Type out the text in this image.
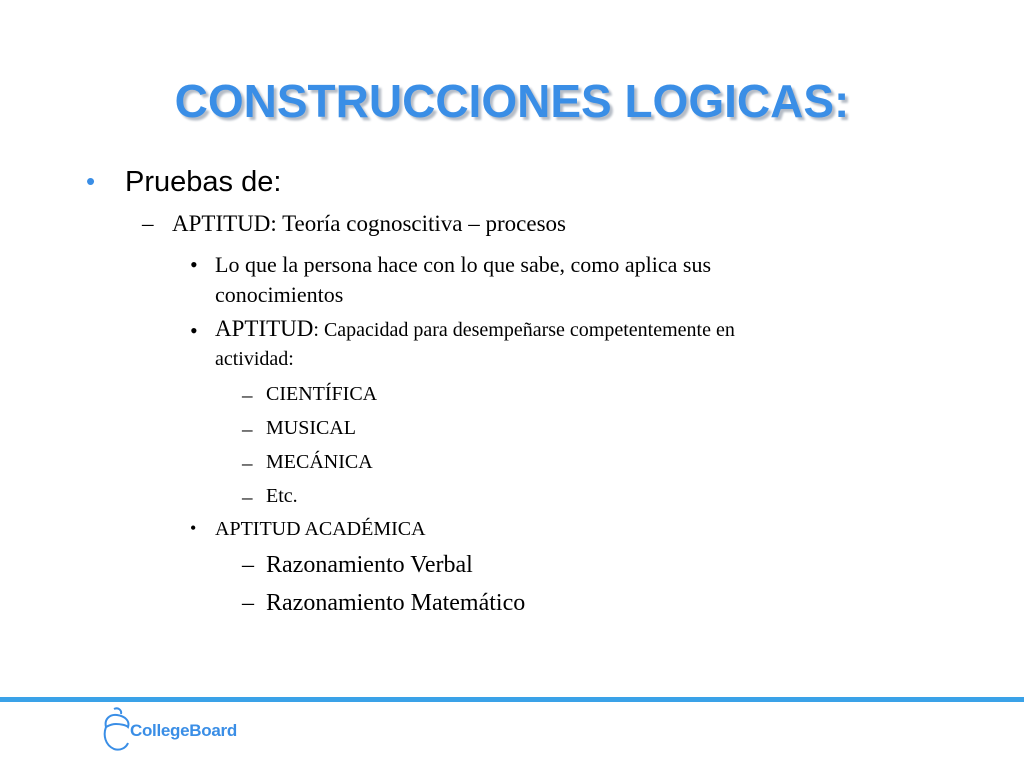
CONSTRUCCIONES LOGICAS:
• Pruebas de:
– APTITUD: Teoría cognoscitiva – procesos
• Lo que la persona hace con lo que sabe, como aplica sus
conocimientos
• APTITUD: Capacidad para desempeñarse competentemente en
actividad:
– CIENTÍFICA
– MUSICAL
– MECÁNICA
– Etc.
• APTITUD ACADÉMICA
– Razonamiento Verbal
– Razonamiento Matemático
CollegeBoard
